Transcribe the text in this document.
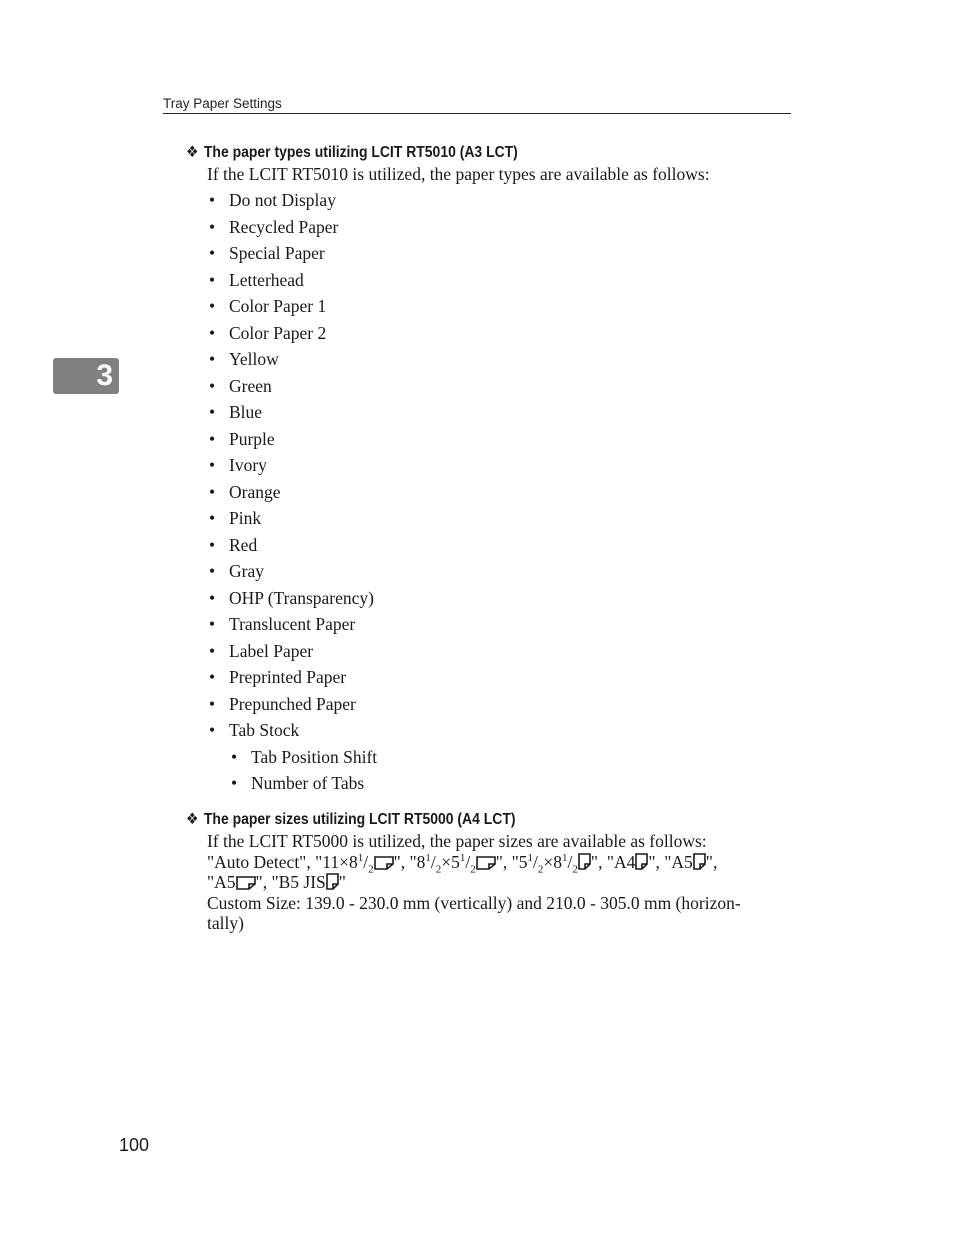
Tray Paper Settings
3
❖ The paper types utilizing LCIT RT5010 (A3 LCT)
If the LCIT RT5010 is utilized, the paper types are available as follows:
• Do not Display
• Recycled Paper
• Special Paper
• Letterhead
• Color Paper 1
• Color Paper 2
• Yellow
• Green
• Blue
• Purple
• Ivory
• Orange
• Pink
• Red
• Gray
• OHP (Transparency)
• Translucent Paper
• Label Paper
• Preprinted Paper
• Prepunched Paper
• Tab Stock
• Tab Position Shift
• Number of Tabs
❖ The paper sizes utilizing LCIT RT5000 (A4 LCT)
If the LCIT RT5000 is utilized, the paper sizes are available as follows:
"Auto Detect", "$11\times 8^1/_2$ ", "$8^1/_2\times 5^1/_2$ ", "$5^1/_2\times 8^1/_2$ ", "A4 ", "A5 ",
"A5 ", "B5 JIS "
Custom Size: 139.0 - 230.0 mm (vertically) and 210.0 - 305.0 mm (horizon-
tally)
100
